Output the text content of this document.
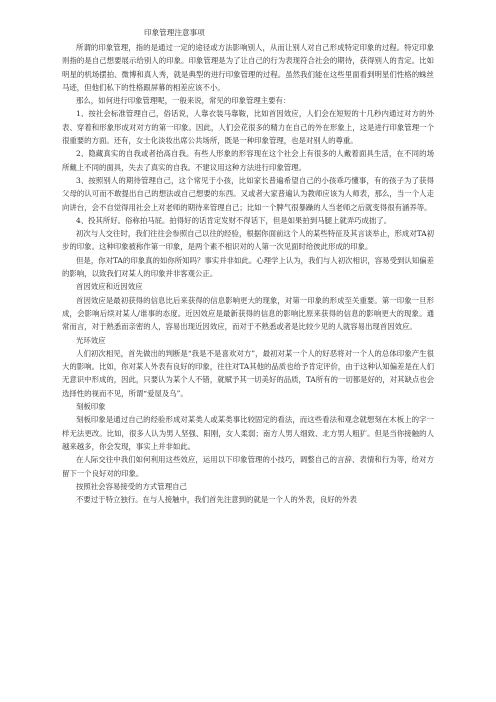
印象管理注意事项

所谓的印象管理，指的是通过一定的途径或方法影响别人，从而让别人对自己形成特定印象的过程。特定印象则指的是自己想要展示给别人的印象。印象管理是为了让自己的行为表现符合社会的期待，获得别人的肯定。比如明星的机场摆拍、微博和真人秀，就是典型的进行印象管理的过程。虽然我们能在这些里面看到明星们性格的蛛丝马迹，但他们私下的性格跟屏幕的相差应该不小。

那么，如何进行印象管理呢，一般来说，常见的印象管理主要有：

1、按社会标准管理自己，俗话说，人靠衣装马靠鞍，比如首因效应，人们会在短短的十几秒内通过对方的外表、穿着和形象形成对对方的第一印象。因此，人们会花很多的精力在自己的外在形象上，这是进行印象管理一个很重要的方面。还有，女士化淡妆出席公共场所，既是一种印象管理，也是对别人的尊重。

2、隐藏真实的自我或者抬高自我。有些人形象的形容现在这个社会上有很多的人戴着面具生活，在不同的场所戴上不同的面具，失去了真实的自我。不建议用这种方法进行印象管理。

3、按照别人的期待管理自己，这个常见于小孩，比如家长普遍希望自己的小孩乖巧懂事，有的孩子为了获得父母的认可而不敢提出自己的想法或自己想要的东西。又或者大家普遍认为教师应该为人师表，那么，当一个人走向讲台，会不自觉得用社会上对老师的期待来管理自己；比如一个脾气很暴躁的人当老师之后就变得很有涵养等。

4、投其所好。俗称拍马屁。拍得好的话肯定发财不得话下，但是如果拍到马腿上就弄巧成拙了。

初次与人交往时，我们往往会参照自己以往的经验，根据你面前这个人的某些特征及其言谈举止，形成对TA初步的印象。这种印象被称作第一印象，是两个素不相识对的人第一次见面时给彼此形成的印象。

但是，你对TA的印象真的如你所知吗？事实并非如此。心理学上认为，我们与人初次相识，容易受到认知偏差的影响，以致我们对某人的印象并非客观公正。

首因效应和近因效应

首因效应是最初获得的信息比后来获得的信息影响更大的现象，对第一印象的形成至关重要。第一印象一旦形成，会影响后续对某人/谁事的态度。近因效应是最新获得的信息的影响比原来获得的信息的影响更大的现象。通常而言，对于熟悉而亲密的人，容易出现近因效应，而对于不熟悉或者是比较少见的人就容易出现首因效应。

光环效应

人们初次相见，首先做出的判断是“我是不是喜欢对方”，最初对某一个人的好恶将对一个人的总体印象产生很大的影响。比如，你对某人外表有良好的印象，往往对TA其他的品质也给予肯定评价，由于这种认知偏差是在人们无意识中形成的，因此，只要认为某个人不错，就赋予其一切美好的品质，TA所有的一切都是好的，对其缺点也会选择性的视而不见，所谓“爱屋及乌”。

刻板印象

刻板印象是通过自己的经验形成对某类人或某类事比较固定的看法，而这些看法和观念就想刻在木板上的字一样无法更改。比如，很多人认为男人坚强、阳刚，女人柔弱；南方人男人细致、北方男人粗犷。但是当你接触的人越来越多，你会发现，事实上并非如此。

在人际交往中我们如何利用这些效应，运用以下印象管理的小技巧，调整自己的言辞、表情和行为等，给对方留下一个良好对的印象。

按照社会容易接受的方式管理自己

不要过于特立独行。在与人接触中，我们首先注意到的就是一个人的外表，良好的外表
